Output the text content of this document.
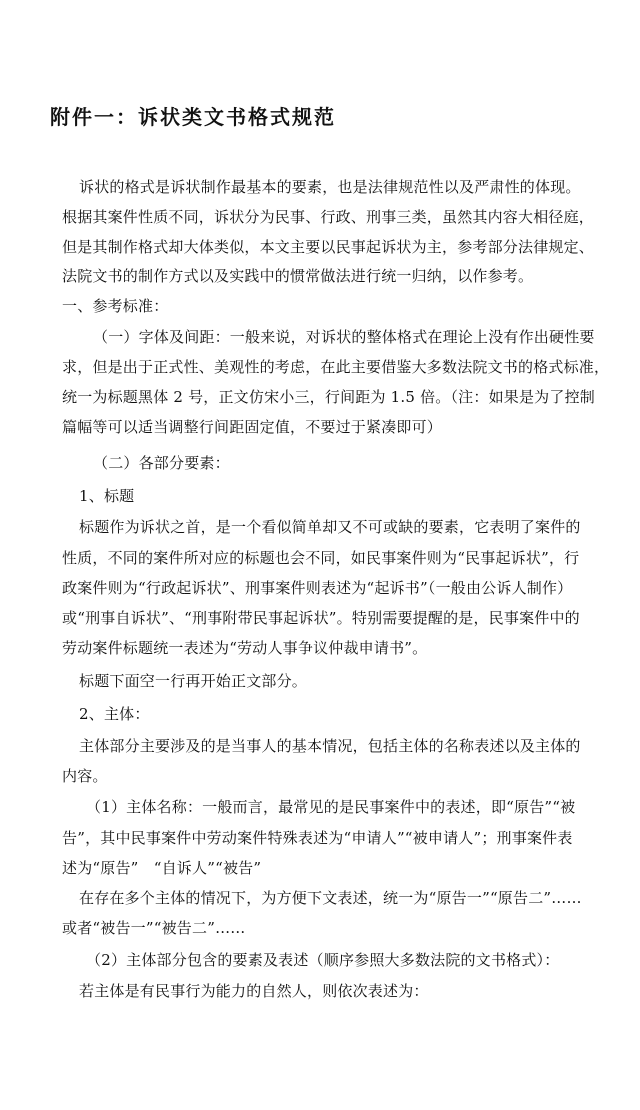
附件一：诉状类文书格式规范

诉状的格式是诉状制作最基本的要素，也是法律规范性以及严肃性的体现。

根据其案件性质不同，诉状分为民事、行政、刑事三类，虽然其内容大相径庭，

但是其制作格式却大体类似，本文主要以民事起诉状为主，参考部分法律规定、

法院文书的制作方式以及实践中的惯常做法进行统一归纳，以作参考。

一、参考标准：

（一）字体及间距：一般来说，对诉状的整体格式在理论上没有作出硬性要

求，但是出于正式性、美观性的考虑，在此主要借鉴大多数法院文书的格式标准，

统一为标题黑体 2 号，正文仿宋小三，行间距为 1.5 倍。（注：如果是为了控制

篇幅等可以适当调整行间距固定值，不要过于紧凑即可）

（二）各部分要素：

1、标题

标题作为诉状之首，是一个看似简单却又不可或缺的要素，它表明了案件的

性质，不同的案件所对应的标题也会不同，如民事案件则为“民事起诉状”，行

政案件则为“行政起诉状”、刑事案件则表述为“起诉书”（一般由公诉人制作）

或“刑事自诉状”、“刑事附带民事起诉状”。特别需要提醒的是，民事案件中的

劳动案件标题统一表述为“劳动人事争议仲裁申请书”。

标题下面空一行再开始正文部分。

2、主体：

主体部分主要涉及的是当事人的基本情况，包括主体的名称表述以及主体的

内容。

（1）主体名称：一般而言，最常见的是民事案件中的表述，即“原告”“被

告”，其中民事案件中劳动案件特殊表述为“申请人”“被申请人”；刑事案件表

述为“原告”　“自诉人”“被告”

在存在多个主体的情况下，为方便下文表述，统一为“原告一”“原告二”……

或者“被告一”“被告二”……

（2）主体部分包含的要素及表述（顺序参照大多数法院的文书格式）：

若主体是有民事行为能力的自然人，则依次表述为：
